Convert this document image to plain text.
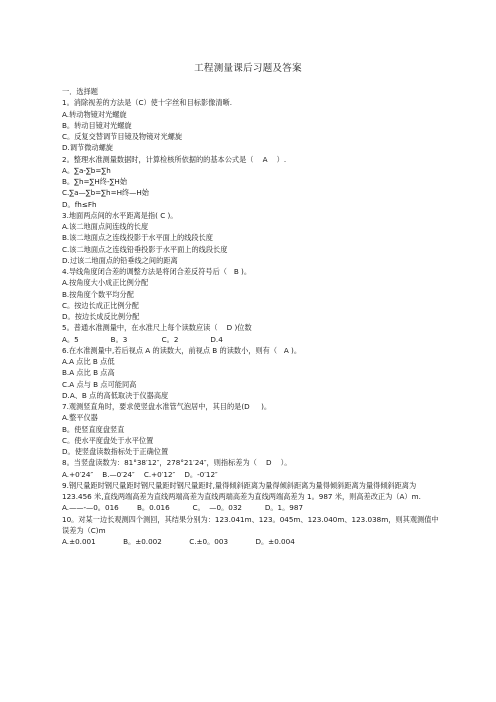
工程测量课后习题及答案
一．选择题
1。消除视差的方法是（C）使十字丝和目标影像清晰.
A.转动物镜对光螺旋
B。转动目镜对光螺旋
C。反复交替调节目镜及物镜对光螺旋
D.调节微动螺旋
2。整理水准测量数据时，计算检核所依据的的基本公式是（    A    ）.
A。∑a-∑b=∑h
B。∑h=∑H终-∑H始
C.∑a—∑b=∑h=H终—H始
D。fh≤Fh
3.地面两点间的水平距离是指( C )。
A.该二地面点间连线的长度
B.该二地面点之连线投影于水平面上的线段长度
C.该二地面点之连线铅垂投影于水平面上的线段长度
D.过该二地面点的铅垂线之间的距离
4.导线角度闭合差的调整方法是将闭合差反符号后（   B )。
A.按角度大小成正比例分配
B.按角度个数平均分配
C。按边长成正比例分配
D。按边长成反比例分配
5。普通水准测量中，在水准尺上每个读数应读（    D )位数
A。5              B。3               C。2              D.4
6.在水准测量中,若后视点 A 的读数大，前视点 B 的读数小，则有（   A )。
A.A 点比 B 点低
B.A 点比 B 点高
C.A 点与 B 点可能同高
D.A、B 点的高低取决于仪器高度
7.观测竖直角时，要求使竖盘水准管气泡居中，其目的是(D     )。
A.整平仪器
B。使竖直度盘竖直
C。使水平度盘处于水平位置
D。使竖盘读数指标处于正确位置
8。当竖盘读数为：81°38′12″，278°21′24″，则指标差为（    D    ）。
A.+0′24″    B.—0′24″    C.+0′12″    D。-0′12″
9.钢尺量距时钢尺量距时钢尺量距时钢尺量距时,量得倾斜距离为量得倾斜距离为量得倾斜距离为量得倾斜距离为 123.456 米,直线两端高差为直线两端高差为直线两端高差为直线两端高差为 1。987 米，则高差改正为（A）m.
A.——-—0。016        B。0.016          C。  —0。032          D。1。987
10。对某一边长观测四个测回，其结果分别为：123.041m、123。045m、123.040m、123.038m，则其观测值中误差为（C)m
A.±0.001            B。±0.002            C.±0。003            D。±0.004
